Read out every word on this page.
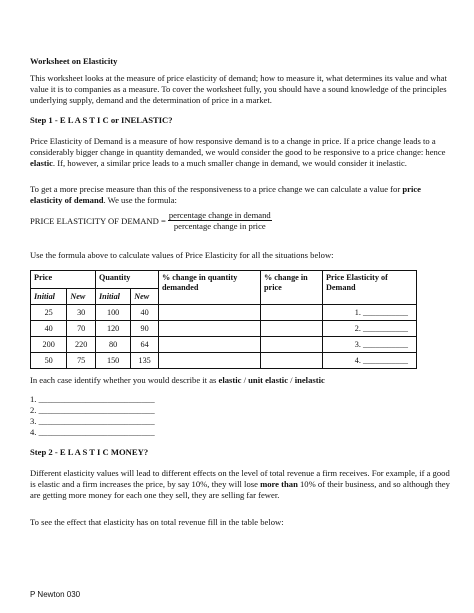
Worksheet on Elasticity

This worksheet looks at the measure of price elasticity of demand; how to measure it, what determines its value and what value it is to companies as a measure. To cover the worksheet fully, you should have a sound knowledge of the principles underlying supply, demand and the determination of price in a market.

Step 1 - E L A S T I C or INELASTIC?

Price Elasticity of Demand is a measure of how responsive demand is to a change in price. If a price change leads to a considerably bigger change in quantity demanded, we would consider the good to be responsive to a price change: hence elastic. If, however, a similar price leads to a much smaller change in demand, we would consider it inelastic.

To get a more precise measure than this of the responsiveness to a price change we can calculate a value for price elasticity of demand. We use the formula:

PRICE ELASTICITY OF DEMAND = $\frac{\text{percentage change in demand}}{\text{percentage change in price}}$

Use the formula above to calculate values of Price Elasticity for all the situations below:

Price		Quantity		% change in quantity demanded	% change in price	Price Elasticity of Demand
Initial	New	Initial	New			
25	30	100	40			1. ___________
40	70	120	90			2. ___________
200	220	80	64			3. ___________
50	75	150	135			4. ___________

In each case identify whether you would describe it as elastic / unit elastic / inelastic

1. ___________________________

2. ___________________________

3. ___________________________

4. ___________________________

Step 2 - E L A S T I C MONEY?

Different elasticity values will lead to different effects on the level of total revenue a firm receives. For example, if a good is elastic and a firm increases the price, by say 10%, they will lose more than 10% of their business, and so although they are getting more money for each one they sell, they are selling far fewer.

To see the effect that elasticity has on total revenue fill in the table below:

P Newton 030
